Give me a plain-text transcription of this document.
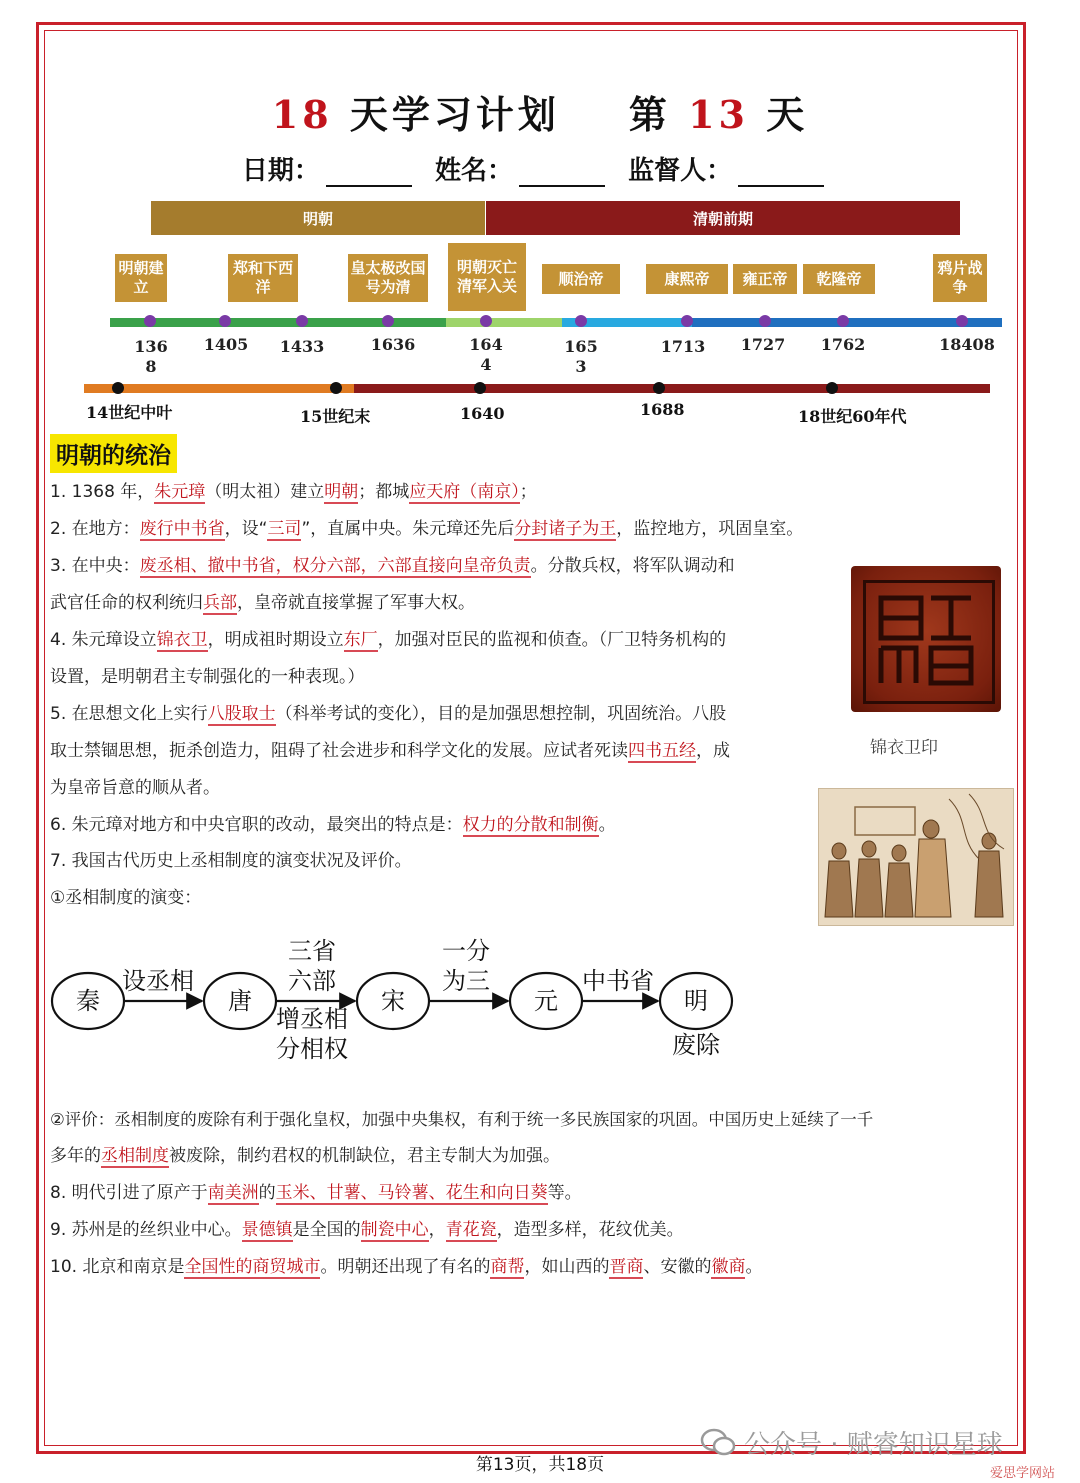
18 天学习计划 第 13 天
日期：	姓名：	监督人：
明朝	清朝前期
明朝建立
郑和下西洋
皇太极改国号为清
明朝灭亡清军入关	顺治帝	康熙帝 雍正帝 乾隆帝
鸦片战争
136
8
1405	1433	1636	164
4
165
3
1713	1727	1762	18408
14世纪中叶	15世纪末	1640	1688	18世纪60年代
明朝的统治
1. 1368 年，朱元璋（明太祖）建立明朝；都城应天府（南京）；
2. 在地方：废行中书省，设“三司”，直属中央。朱元璋还先后分封诸子为王，监控地方，巩固皇室。
3. 在中央：废丞相、撤中书省，权分六部，六部直接向皇帝负责。分散兵权，将军队调动和
武官任命的权利统归兵部，皇帝就直接掌握了军事大权。
4. 朱元璋设立锦衣卫，明成祖时期设立东厂，加强对臣民的监视和侦查。（厂卫特务机构的
设置，是明朝君主专制强化的一种表现。）
5. 在思想文化上实行八股取士（科举考试的变化），目的是加强思想控制，巩固统治。八股
取士禁锢思想，扼杀创造力，阻碍了社会进步和科学文化的发展。应试者死读四书五经，成
为皇帝旨意的顺从者。
6. 朱元璋对地方和中央官职的改动，最突出的特点是：权力的分散和制衡。
7. 我国古代历史上丞相制度的演变状况及评价。
①丞相制度的演变：
锦衣卫印
秦	唐	宋	元	明
设丞相
三省
六部
增丞相
分相权
一分
为三	中书省
废除
②评价：丞相制度的废除有利于强化皇权，加强中央集权，有利于统一多民族国家的巩固。中国历史上延续了一千
多年的丞相制度被废除，制约君权的机制缺位，君主专制大为加强。
8. 明代引进了原产于南美洲的玉米、甘薯、马铃薯、花生和向日葵等。
9. 苏州是的丝织业中心。景德镇是全国的制瓷中心，青花瓷，造型多样，花纹优美。
10. 北京和南京是全国性的商贸城市。明朝还出现了有名的商帮，如山西的晋商、安徽的徽商。
公众号 · 赋睿知识星球
第13页，共18页	爱思学网站
